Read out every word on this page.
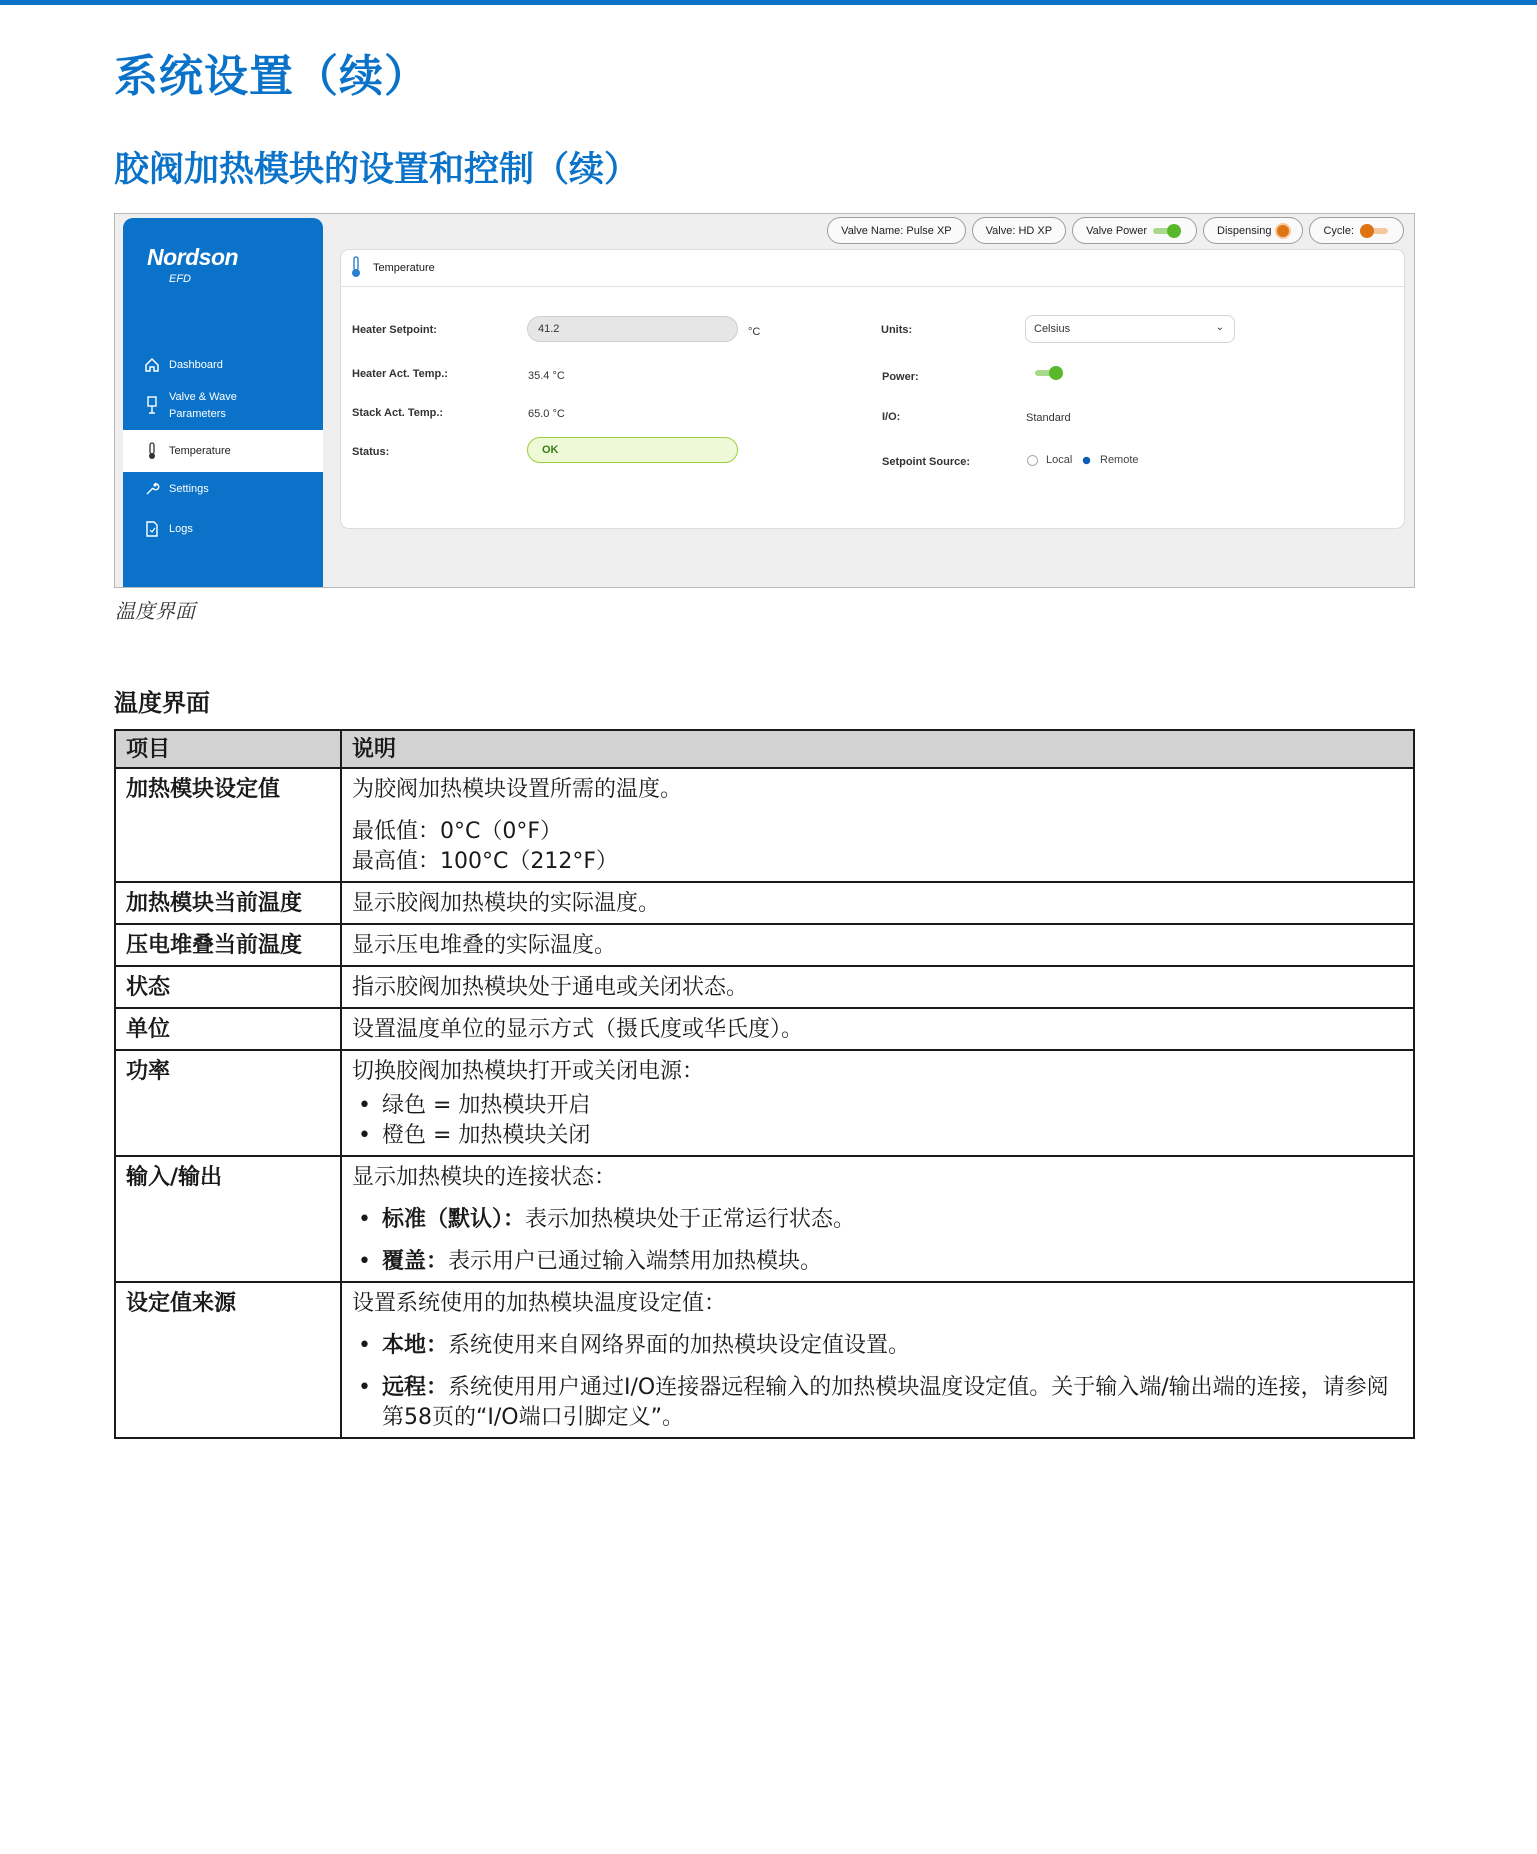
系统设置（续）
胶阀加热模块的设置和控制（续）
Nordson
EFD
Dashboard
Valve & Wave
Parameters
Temperature
Settings
Logs
Valve Name: Pulse XP	Valve: HD XP	Valve Power	Dispensing	Cycle:
Temperature
Heater Setpoint:	41.2	°C
Heater Act. Temp.:	35.4 °C
Stack Act. Temp.:	65.0 °C
Status:	OK
Units:	Celsius	⌄
Power:
I/O:	Standard
Setpoint Source:	Local	Remote
温度界面
温度界面
项目	说明
加热模块设定值	为胶阀加热模块设置所需的温度。

最低值：0°C（0°F）

最高值：100°C（212°F）

加热模块当前温度	显示胶阀加热模块的实际温度。

压电堆叠当前温度	显示压电堆叠的实际温度。

状态	指示胶阀加热模块处于通电或关闭状态。

单位	设置温度单位的显示方式（摄氏度或华氏度）。

功率	切换胶阀加热模块打开或关闭电源：

• 绿色 = 加热模块开启

• 橙色 = 加热模块关闭

输入/输出	显示加热模块的连接状态：

• 标准（默认）：表示加热模块处于正常运行状态。

• 覆盖：表示用户已通过输入端禁用加热模块。

设定值来源	设置系统使用的加热模块温度设定值：

• 本地：系统使用来自网络界面的加热模块设定值设置。

• 远程：系统使用用户通过I/O连接器远程输入的加热模块温度设定值。关于输入端/输出端的连接，请参阅第58页的“I/O端口引脚定义”。
